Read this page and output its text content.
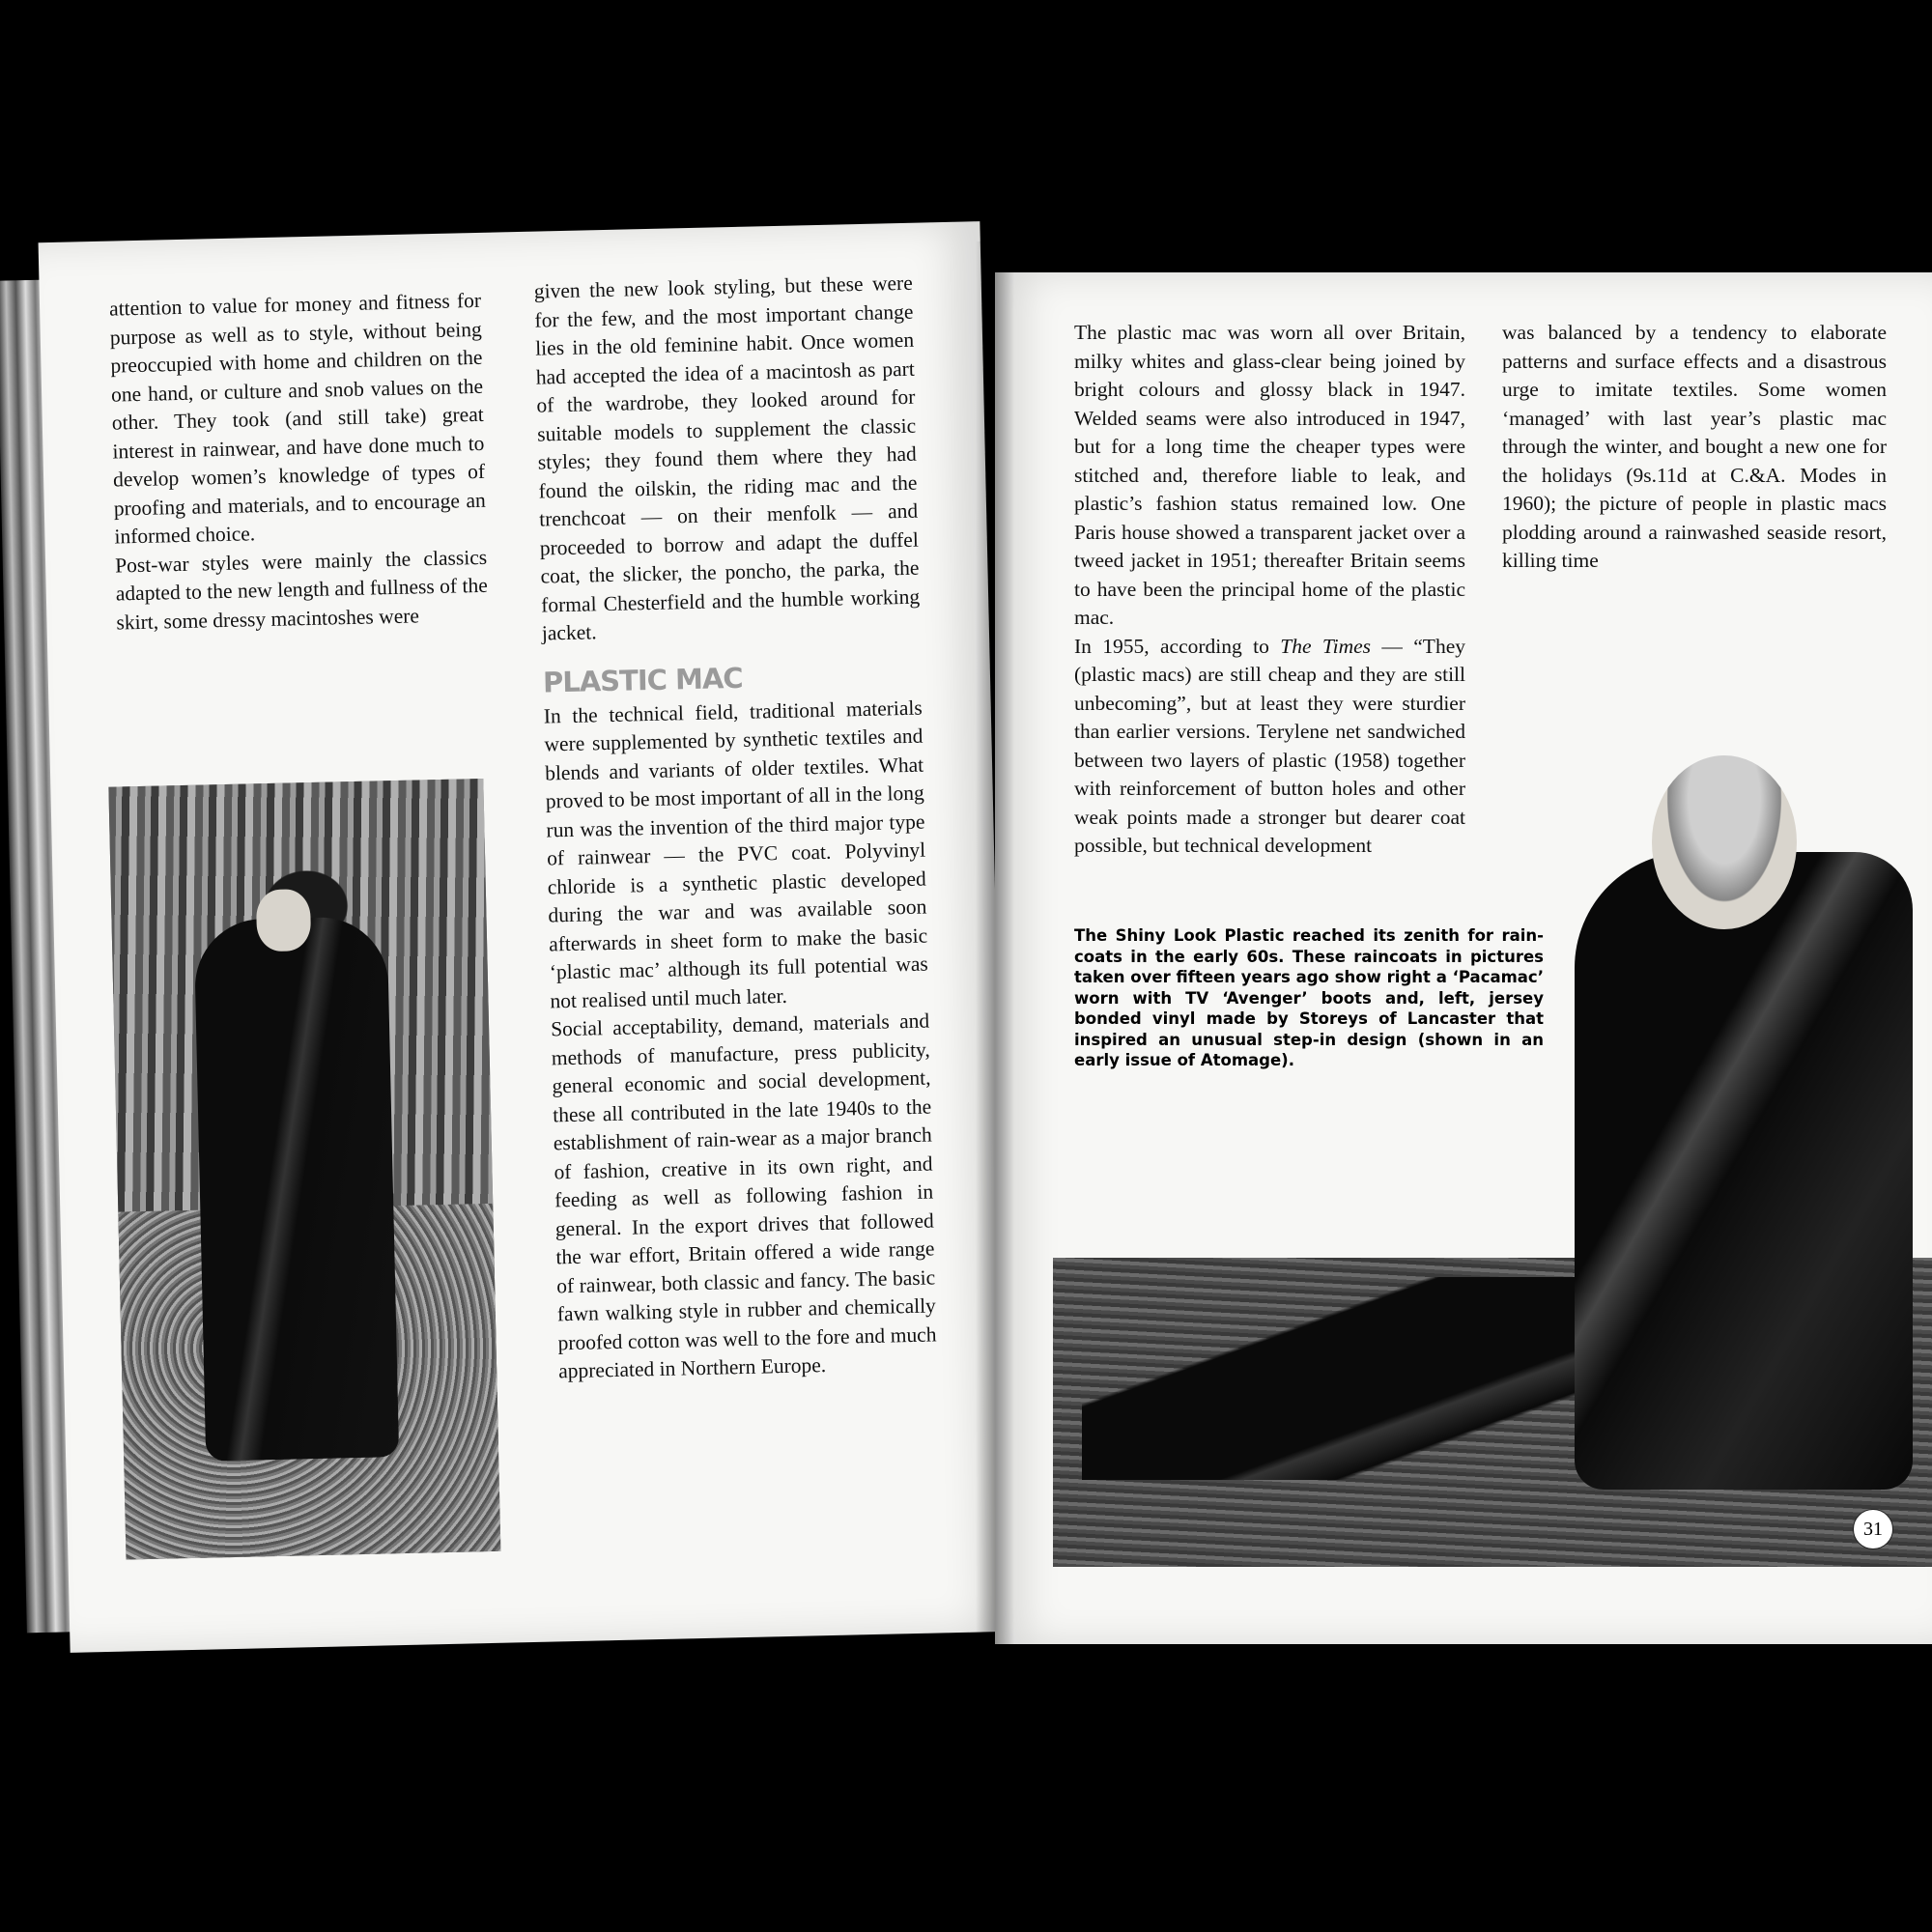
attention to value for money and fitness for purpose as well as to style, without being preoccupied with home and children on the one hand, or culture and snob values on the other. They took (and still take) great interest in rainwear, and have done much to develop women’s knowledge of types of proofing and materials, and to encourage an informed choice.

Post-war styles were mainly the classics adapted to the new length and fullness of the skirt, some dressy macintoshes were

given the new look styling, but these were for the few, and the most important change lies in the old feminine habit. Once women had accepted the idea of a macintosh as part of the wardrobe, they looked around for suitable models to supplement the classic styles; they found them where they had found the oilskin, the riding mac and the trenchcoat — on their menfolk — and proceeded to borrow and adapt the duffel coat, the slicker, the poncho, the parka, the formal Chesterfield and the humble working jacket.

PLASTIC MAC

In the technical field, traditional materials were supplemented by synthetic textiles and blends and variants of older textiles. What proved to be most important of all in the long run was the invention of the third major type of rainwear — the PVC coat. Polyvinyl chloride is a synthetic plastic developed during the war and was available soon afterwards in sheet form to make the basic ‘plastic mac’ although its full potential was not realised until much later.

Social acceptability, demand, materials and methods of manufacture, press publicity, general economic and social development, these all contributed in the late 1940s to the establishment of rain-wear as a major branch of fashion, creative in its own right, and feeding as well as following fashion in general. In the export drives that followed the war effort, Britain offered a wide range of rainwear, both classic and fancy. The basic fawn walking style in rubber and chemically proofed cotton was well to the fore and much appreciated in Northern Europe.

The plastic mac was worn all over Britain, milky whites and glass-clear being joined by bright colours and glossy black in 1947. Welded seams were also introduced in 1947, but for a long time the cheaper types were stitched and, therefore liable to leak, and plastic’s fashion status remained low. One Paris house showed a transparent jacket over a tweed jacket in 1951; thereafter Britain seems to have been the principal home of the plastic mac.

In 1955, according to The Times — “They (plastic macs) are still cheap and they are still unbecoming”, but at least they were sturdier than earlier versions. Terylene net sandwiched between two layers of plastic (1958) together with reinforcement of button holes and other weak points made a stronger but dearer coat possible, but technical development

was balanced by a tendency to elaborate patterns and surface effects and a disastrous urge to imitate textiles. Some women ‘managed’ with last year’s plastic mac through the winter, and bought a new one for the holidays (9s.11d at C.&A. Modes in 1960); the picture of people in plastic macs plodding around a rainwashed seaside resort, killing time

The Shiny Look Plastic reached its zenith for rain-coats in the early 60s. These raincoats in pictures taken over fifteen years ago show right a ‘Pacamac’ worn with TV ‘Avenger’ boots and, left, jersey bonded vinyl made by Storeys of Lancaster that inspired an unusual step-in design (shown in an early issue of Atomage).
31
